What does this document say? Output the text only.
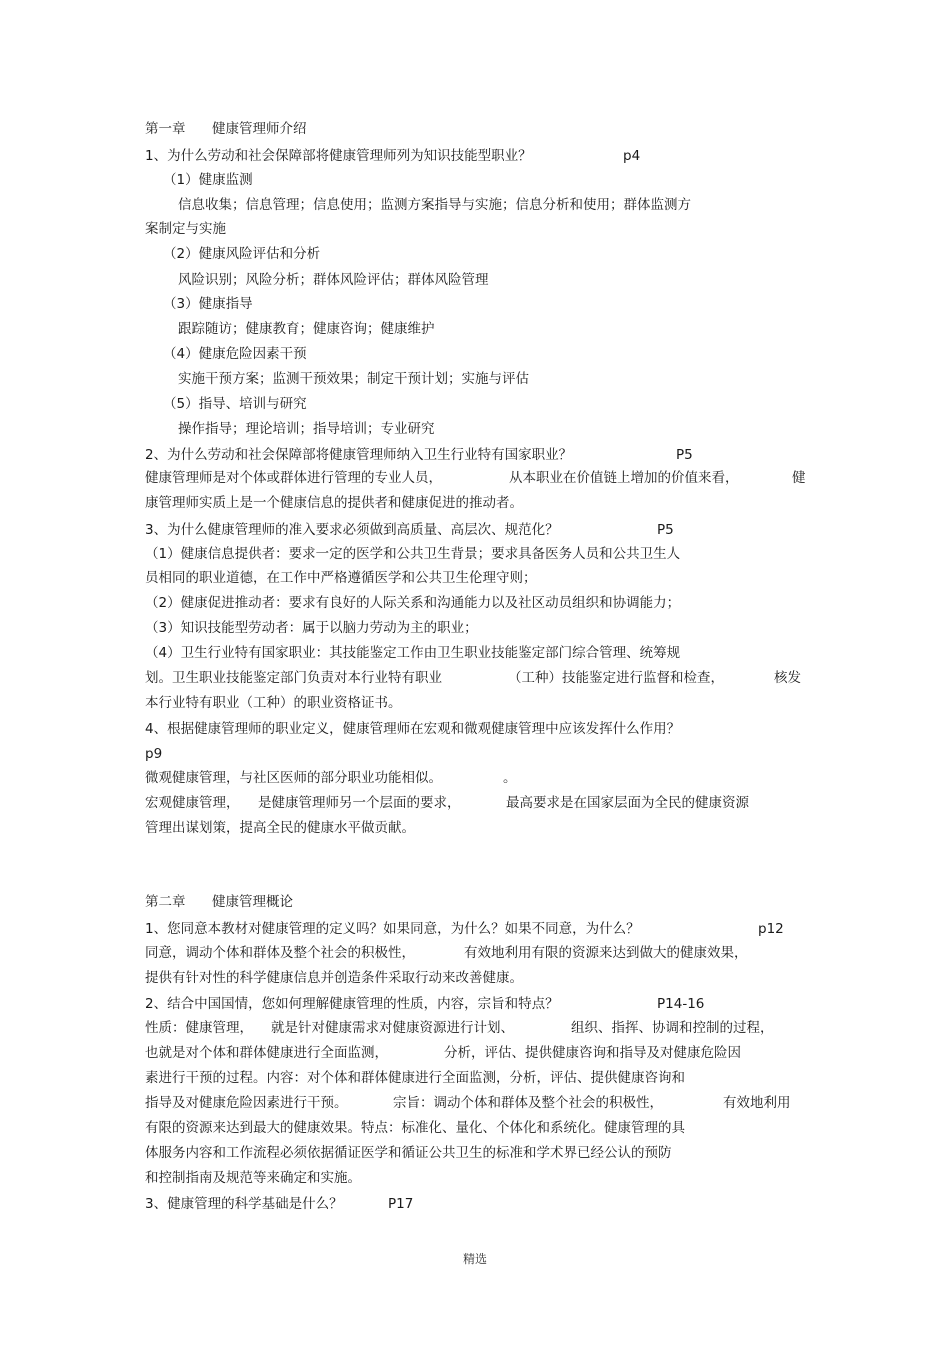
第一章 健康管理师介绍
1、为什么劳动和社会保障部将健康管理师列为知识技能型职业？	p4
（1）健康监测
信息收集；信息管理；信息使用；监测方案指导与实施；信息分析和使用；群体监测方
案制定与实施
（2）健康风险评估和分析
风险识别；风险分析；群体风险评估；群体风险管理
（3）健康指导
跟踪随访；健康教育；健康咨询；健康维护
（4）健康危险因素干预
实施干预方案；监测干预效果；制定干预计划；实施与评估
（5）指导、培训与研究
操作指导；理论培训；指导培训；专业研究
2、为什么劳动和社会保障部将健康管理师纳入卫生行业特有国家职业？	P5
健康管理师是对个体或群体进行管理的专业人员，	从本职业在价值链上增加的价值来看，	健
康管理师实质上是一个健康信息的提供者和健康促进的推动者。
3、为什么健康管理师的准入要求必须做到高质量、高层次、规范化？	P5
（1）健康信息提供者：要求一定的医学和公共卫生背景；要求具备医务人员和公共卫生人
员相同的职业道德，在工作中严格遵循医学和公共卫生伦理守则；
（2）健康促进推动者：要求有良好的人际关系和沟通能力以及社区动员组织和协调能力；
（3）知识技能型劳动者：属于以脑力劳动为主的职业；
（4）卫生行业特有国家职业：其技能鉴定工作由卫生职业技能鉴定部门综合管理、统筹规
划。卫生职业技能鉴定部门负责对本行业特有职业	（工种）技能鉴定进行监督和检查，	核发
本行业特有职业（工种）的职业资格证书。
4、根据健康管理师的职业定义，健康管理师在宏观和微观健康管理中应该发挥什么作用？
p9
微观健康管理，与社区医师的部分职业功能相似。	。
宏观健康管理， 是健康管理师另一个层面的要求，	最高要求是在国家层面为全民的健康资源
管理出谋划策，提高全民的健康水平做贡献。
第二章 健康管理概论
1、您同意本教材对健康管理的定义吗？如果同意，为什么？如果不同意，为什么？	p12
同意，调动个体和群体及整个社会的积极性，	有效地利用有限的资源来达到做大的健康效果，
提供有针对性的科学健康信息并创造条件采取行动来改善健康。
2、结合中国国情，您如何理解健康管理的性质，内容，宗旨和特点？	P14-16
性质：健康管理， 就是针对健康需求对健康资源进行计划、	组织、指挥、协调和控制的过程，
也就是对个体和群体健康进行全面监测，	分析，评估、提供健康咨询和指导及对健康危险因
素进行干预的过程。内容：对个体和群体健康进行全面监测，分析，评估、提供健康咨询和
指导及对健康危险因素进行干预。	宗旨：调动个体和群体及整个社会的积极性，	有效地利用
有限的资源来达到最大的健康效果。特点：标准化、量化、个体化和系统化。健康管理的具
体服务内容和工作流程必须依据循证医学和循证公共卫生的标准和学术界已经公认的预防
和控制指南及规范等来确定和实施。
3、健康管理的科学基础是什么？	P17
精选
